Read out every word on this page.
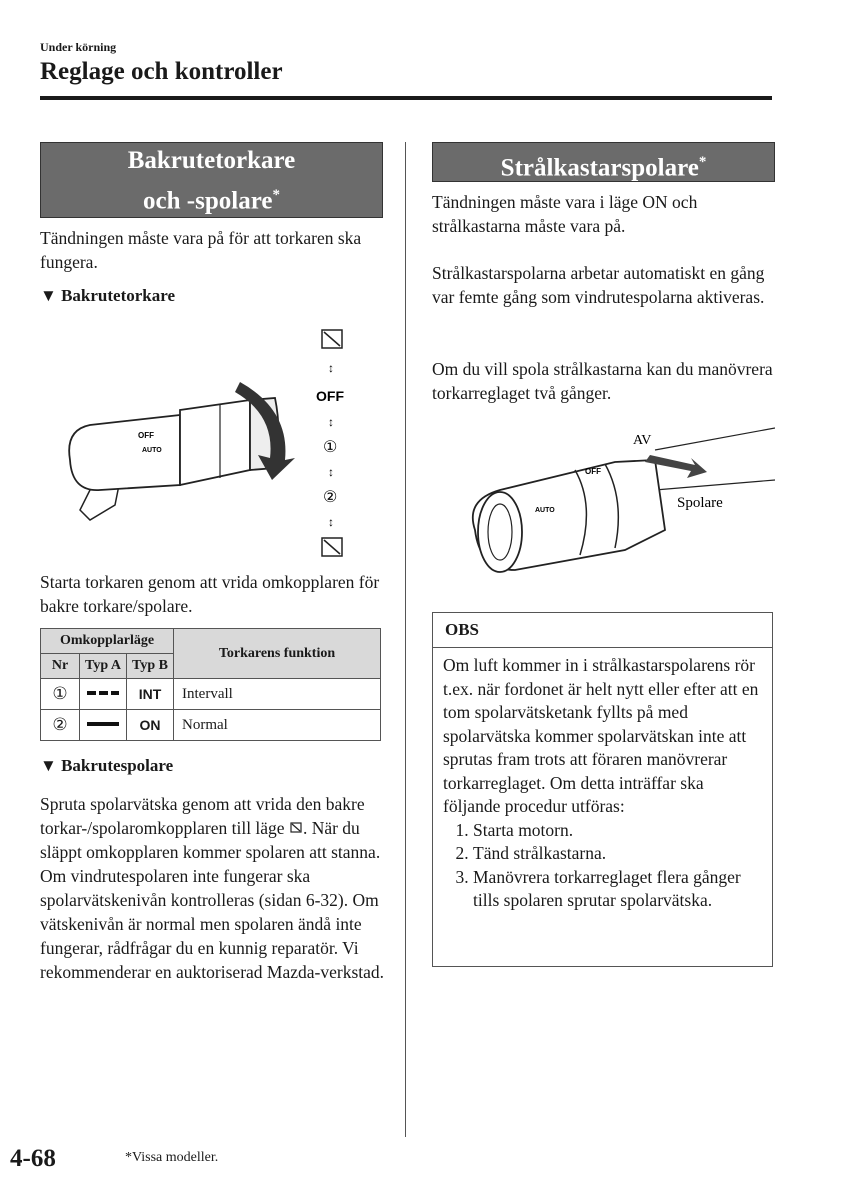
Under körning
Reglage och kontroller
Bakrutetorkare
och -spolare*
Tändningen måste vara på för att torkaren ska fungera.
▼ Bakrutetorkare
OFF
AUTO
↕
OFF
↕
①
↕
②
↕
Starta torkaren genom att vrida omkopplaren för bakre torkare/spolare.
Omkopplarläge			Torkarens funktion
Nr	Typ A	Typ B	
①		INT	Intervall
②		ON	Normal
▼ Bakrutespolare
Spruta spolarvätska genom att vrida den bakre torkar-/spolaromkopplaren till läge . När du släppt omkopplaren kommer spolaren att stanna.
Om vindrutespolaren inte fungerar ska spolarvätskenivån kontrolleras (sidan 6-32). Om vätskenivån är normal men spolaren ändå inte fungerar, rådfrågar du en kunnig reparatör. Vi rekommenderar en auktoriserad Mazda-verkstad.
Strålkastarspolare*
Tändningen måste vara i läge ON och strålkastarna måste vara på.
Strålkastarspolarna arbetar automatiskt en gång var femte gång som vindrutespolarna aktiveras.
Om du vill spola strålkastarna kan du manövrera torkarreglaget två gånger.
AV
Spolare
OFF
AUTO
OBS
Om luft kommer in i strålkastarspolarens rör t.ex. när fordonet är helt nytt eller efter att en tom spolarvätsketank fyllts på med spolarvätska kommer spolarvätskan inte att sprutas fram trots att föraren manövrerar torkarreglaget. Om detta inträffar ska följande procedur utföras:
1. Starta motorn.
2. Tänd strålkastarna.
3. Manövrera torkarreglaget flera gånger tills spolaren sprutar spolarvätska.
4-68	*Vissa modeller.
